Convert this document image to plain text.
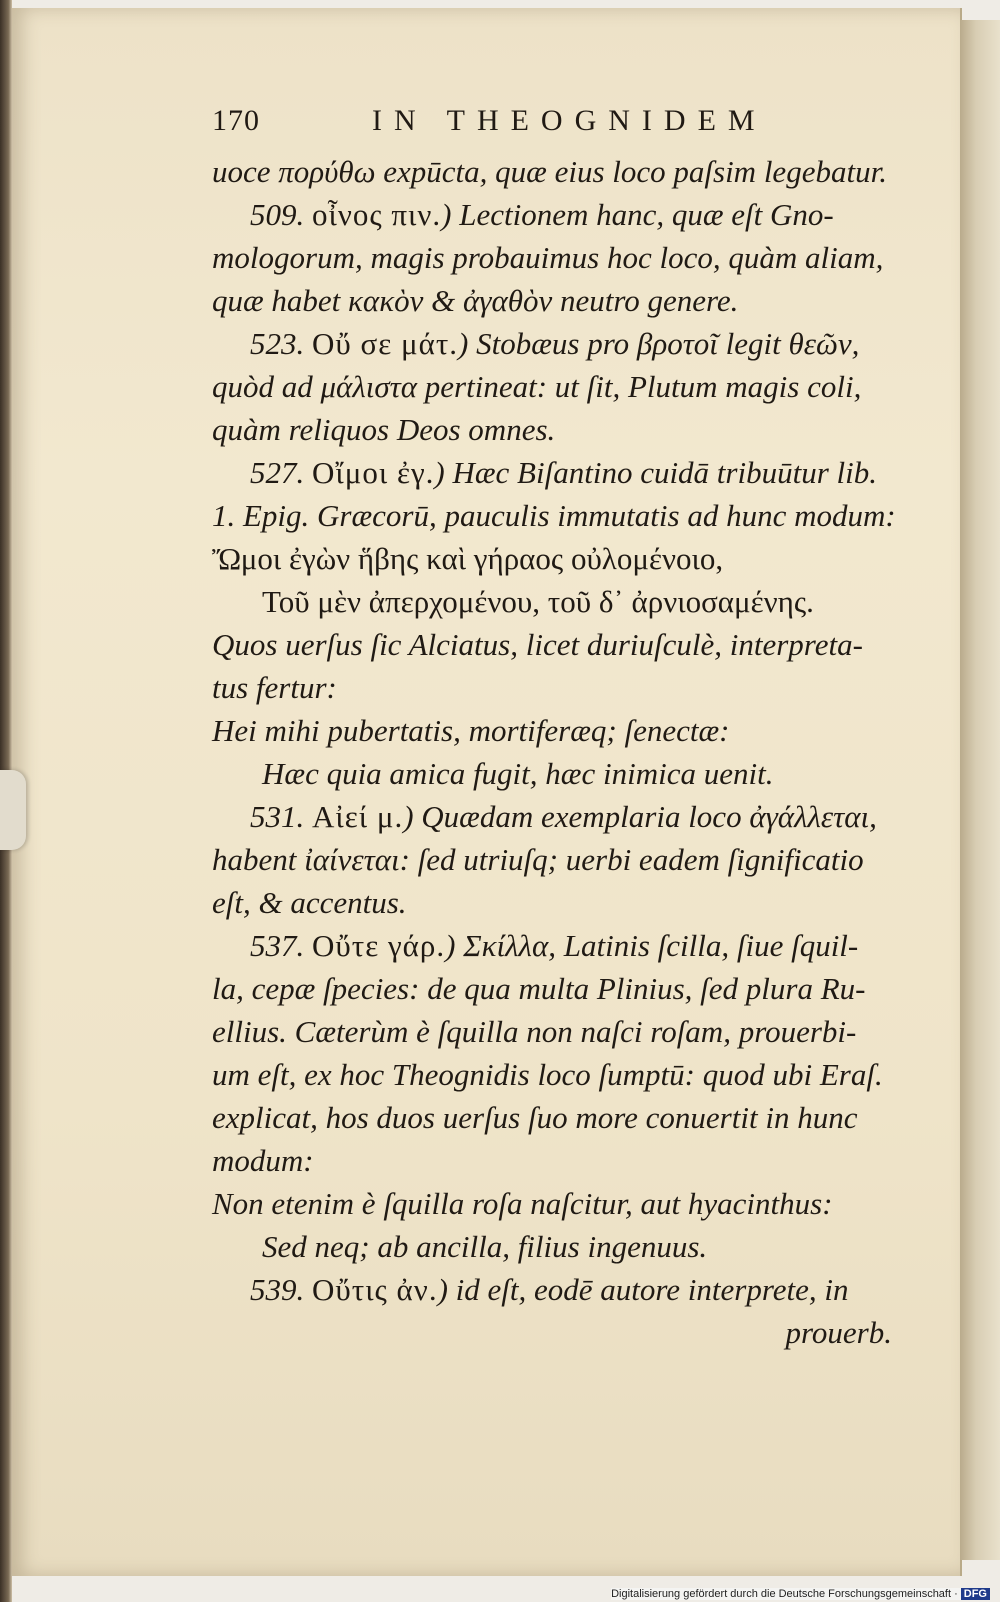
170	IN THEOGNIDEM
uoce πορύθω expūcta, quæ eius loco paſsim legebatur.
509. οἶνος πιν.) Lectionem hanc, quæ eſt Gno-
mologorum, magis probauimus hoc loco, quàm aliam,
quæ habet κακὸν & ἀγαθὸν neutro genere.
523. Οὔ σε μάτ.) Stobæus pro βροτοῖ legit θεῶν,
quòd ad μάλιστα pertineat: ut ſit, Plutum magis coli,
quàm reliquos Deos omnes.
527. Οἴμοι ἐγ.) Hæc Biſantino cuidā tribuūtur lib.
1. Epig. Græcorū, pauculis immutatis ad hunc modum:
Ὤμοι ἐγὼν ἥβης καὶ γήραος οὐλομένοιο,
Τοῦ μὲν ἀπερχομένου, τοῦ δ᾽ ἀρνιοσαμένης.
Quos uerſus ſic Alciatus, licet duriuſculè, interpreta-
tus fertur:
Hei mihi pubertatis, mortiferæq; ſenectæ:
Hæc quia amica fugit, hæc inimica uenit.
531. Αἰεί μ.) Quædam exemplaria loco ἀγάλλεται,
habent ἰαίνεται: ſed utriuſq; uerbi eadem ſignificatio
eſt, & accentus.
537. Οὔτε γάρ.) Σκίλλα, Latinis ſcilla, ſiue ſquil-
la, cepæ ſpecies: de qua multa Plinius, ſed plura Ru-
ellius. Cæterùm è ſquilla non naſci roſam, prouerbi-
um eſt, ex hoc Theognidis loco ſumptū: quod ubi Eraſ.
explicat, hos duos uerſus ſuo more conuertit in hunc
modum:
Non etenim è ſquilla roſa naſcitur, aut hyacinthus:
Sed neq; ab ancilla, filius ingenuus.
539. Οὔτις ἀν.) id eſt, eodē autore interprete, in
prouerb.
Digitalisierung gefördert durch die Deutsche Forschungsgemeinschaft · DFG
